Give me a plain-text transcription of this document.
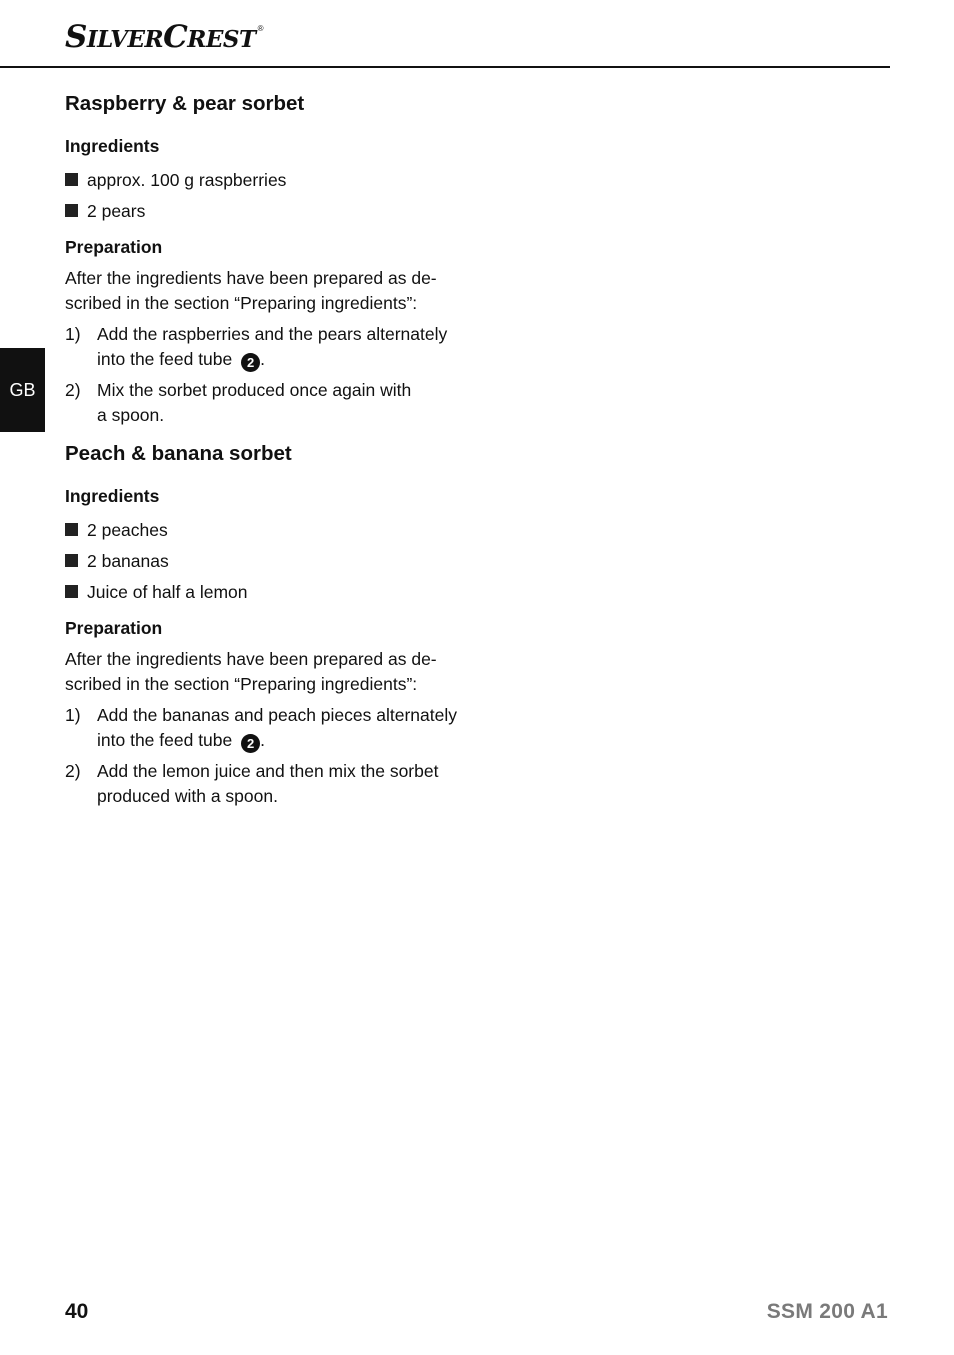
SILVERCREST ®
GB
Raspberry & pear sorbet
Ingredients
approx. 100 g raspberries
2 pears
Preparation
After the ingredients have been prepared as de-
scribed in the section “Preparing ingredients”:
1) Add the raspberries and the pears alternately
into the feed tube 2 .
2) Mix the sorbet produced once again with
a spoon.
Peach & banana sorbet
Ingredients
2 peaches
2 bananas
Juice of half a lemon
Preparation
After the ingredients have been prepared as de-
scribed in the section “Preparing ingredients”:
1) Add the bananas and peach pieces alternately
into the feed tube 2 .
2) Add the lemon juice and then mix the sorbet
produced with a spoon.
40	SSM 200 A1
